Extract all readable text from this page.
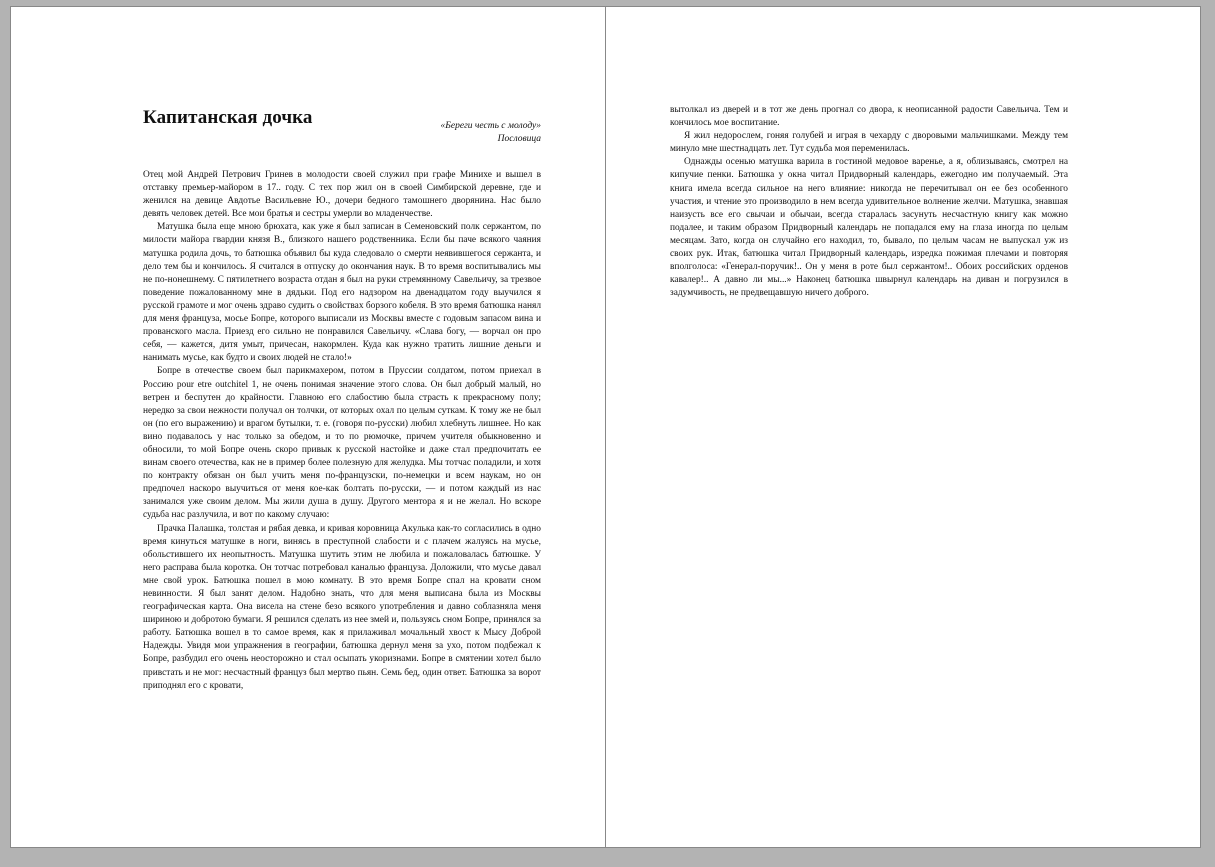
Капитанская дочка	«Береги честь с молоду»
Пословица

Отец мой Андрей Петрович Гринев в молодости своей служил при графе Минихе и вышел в отставку премьер-майором в 17.. году. С тех пор жил он в своей Симбирской деревне, где и женился на девице Авдотье Васильевне Ю., дочери бедного тамошнего дворянина. Нас было девять человек детей. Все мои братья и сестры умерли во младенчестве.

Матушка была еще мною брюхата, как уже я был записан в Семеновский полк сержантом, по милости майора гвардии князя В., близкого нашего родственника. Если бы паче всякого чаяния матушка родила дочь, то батюшка объявил бы куда следовало о смерти неявившегося сержанта, и дело тем бы и кончилось. Я считался в отпуску до окончания наук. В то время воспитывались мы не по-нонешнему. С пятилетнего возраста отдан я был на руки стремянному Савельичу, за трезвое поведение пожалованному мне в дядьки. Под его надзором на двенадцатом году выучился я русской грамоте и мог очень здраво судить о свойствах борзого кобеля. В это время батюшка нанял для меня француза, мосье Бопре, которого выписали из Москвы вместе с годовым запасом вина и прованского масла. Приезд его сильно не понравился Савельичу. «Слава богу, — ворчал он про себя, — кажется, дитя умыт, причесан, накормлен. Куда как нужно тратить лишние деньги и нанимать мусье, как будто и своих людей не стало!»

Бопре в отечестве своем был парикмахером, потом в Пруссии солдатом, потом приехал в Россию pour etre outchitel 1, не очень понимая значение этого слова. Он был добрый малый, но ветрен и беспутен до крайности. Главною его слабостию была страсть к прекрасному полу; нередко за свои нежности получал он толчки, от которых охал по целым суткам. К тому же не был он (по его выражению) и врагом бутылки, т. е. (говоря по-русски) любил хлебнуть лишнее. Но как вино подавалось у нас только за обедом, и то по рюмочке, причем учителя обыкновенно и обносили, то мой Бопре очень скоро привык к русской настойке и даже стал предпочитать ее винам своего отечества, как не в пример более полезную для желудка. Мы тотчас поладили, и хотя по контракту обязан он был учить меня по-французски, по-немецки и всем наукам, но он предпочел наскоро выучиться от меня кое-как болтать по-русски, — и потом каждый из нас занимался уже своим делом. Мы жили душа в душу. Другого ментора я и не желал. Но вскоре судьба нас разлучила, и вот по какому случаю:

Прачка Палашка, толстая и рябая девка, и кривая коровница Акулька как-то согласились в одно время кинуться матушке в ноги, винясь в преступной слабости и с плачем жалуясь на мусье, обольстившего их неопытность. Матушка шутить этим не любила и пожаловалась батюшке. У него расправа была коротка. Он тотчас потребовал каналью француза. Доложили, что мусье давал мне свой урок. Батюшка пошел в мою комнату. В это время Бопре спал на кровати сном невинности. Я был занят делом. Надобно знать, что для меня выписана была из Москвы географическая карта. Она висела на стене безо всякого употребления и давно соблазняла меня шириною и добротою бумаги. Я решился сделать из нее змей и, пользуясь сном Бопре, принялся за работу. Батюшка вошел в то самое время, как я прилаживал мочальный хвост к Мысу Доброй Надежды. Увидя мои упражнения в географии, батюшка дернул меня за ухо, потом подбежал к Бопре, разбудил его очень неосторожно и стал осыпать укоризнами. Бопре в смятении хотел было привстать и не мог: несчастный француз был мертво пьян. Семь бед, один ответ. Батюшка за ворот приподнял его с кровати,

вытолкал из дверей и в тот же день прогнал со двора, к неописанной радости Савельича. Тем и кончилось мое воспитание.

Я жил недорослем, гоняя голубей и играя в чехарду с дворовыми мальчишками. Между тем минуло мне шестнадцать лет. Тут судьба моя переменилась.

Однажды осенью матушка варила в гостиной медовое варенье, а я, облизываясь, смотрел на кипучие пенки. Батюшка у окна читал Придворный календарь, ежегодно им получаемый. Эта книга имела всегда сильное на него влияние: никогда не перечитывал он ее без особенного участия, и чтение это производило в нем всегда удивительное волнение желчи. Матушка, знавшая наизусть все его свычаи и обычаи, всегда старалась засунуть несчастную книгу как можно подалее, и таким образом Придворный календарь не попадался ему на глаза иногда по целым месяцам. Зато, когда он случайно его находил, то, бывало, по целым часам не выпускал уж из своих рук. Итак, батюшка читал Придворный календарь, изредка пожимая плечами и повторяя вполголоса: «Генерал-поручик!.. Он у меня в роте был сержантом!.. Обоих российских орденов кавалер!.. А давно ли мы...» Наконец батюшка швырнул календарь на диван и погрузился в задумчивость, не предвещавшую ничего доброго.
